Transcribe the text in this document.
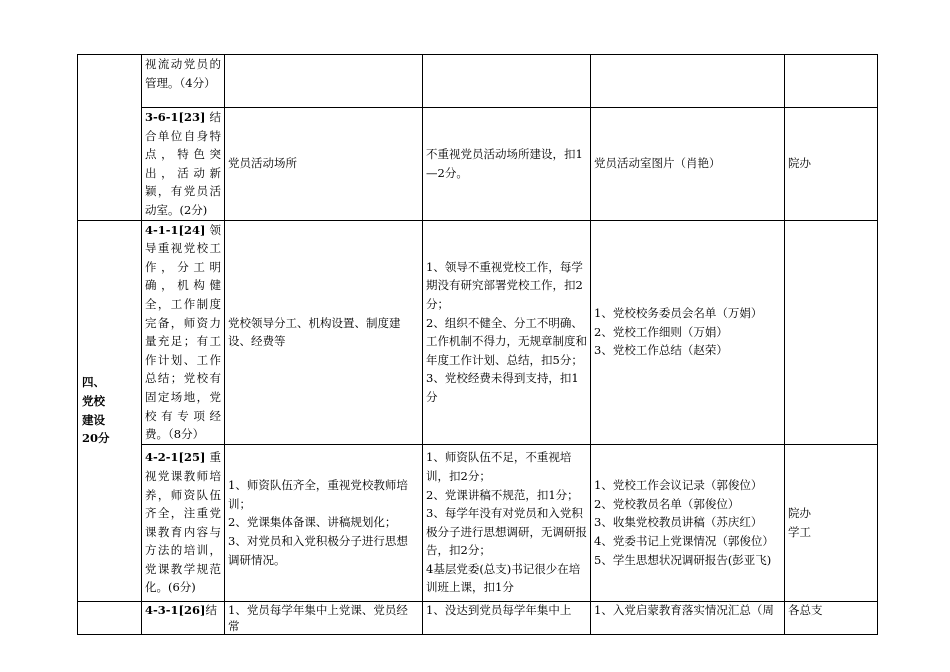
	视流动党员的管理。（4分）				
	3-6-1[23]结合单位自身特点，特色突出，活动新颖，有党员活动室。(2分)	党员活动场所	不重视党员活动场所建设，扣1—2分。	党员活动室图片（肖艳）	院办

四、
党校
建设
20分	4-1-1[24]领导重视党校工作，分工明确，机构健全，工作制度完备，师资力量充足；有工作计划、工作总结；党校有固定场地，党校有专项经费。（8分）	党校领导分工、机构设置、制度建设、经费等	1、领导不重视党校工作，每学期没有研究部署党校工作，扣2分；
2、组织不健全、分工不明确、工作机制不得力，无规章制度和年度工作计划、总结，扣5分；
3、党校经费未得到支持，扣1分	1、党校校务委员会名单（万娟）
2、党校工作细则（万娟）
3、党校工作总结（赵荣）	

	4-2-1[25]重视党课教师培养，师资队伍齐全，注重党课教育内容与方法的培训，党课教学规范化。(6分)	1、师资队伍齐全，重视党校教师培训；
2、党课集体备课、讲稿规划化；
3、对党员和入党积极分子进行思想调研情况。	1、师资队伍不足，不重视培训，扣2分；
2、党课讲稿不规范，扣1分；
3、每学年没有对党员和入党积极分子进行思想调研，无调研报告，扣2分；
4基层党委(总支)书记很少在培训班上课，扣1分	1、党校工作会议记录（郭俊位）
2、党校教员名单（郭俊位）
3、收集党校教员讲稿（苏庆红）
4、党委书记上党课情况（郭俊位）
5、学生思想状况调研报告(彭亚飞)	院办
学工

	4-3-1[26]结	1、党员每学年集中上党课、党员经常	1、没达到党员每学年集中上	1、入党启蒙教育落实情况汇总（周	各总支
